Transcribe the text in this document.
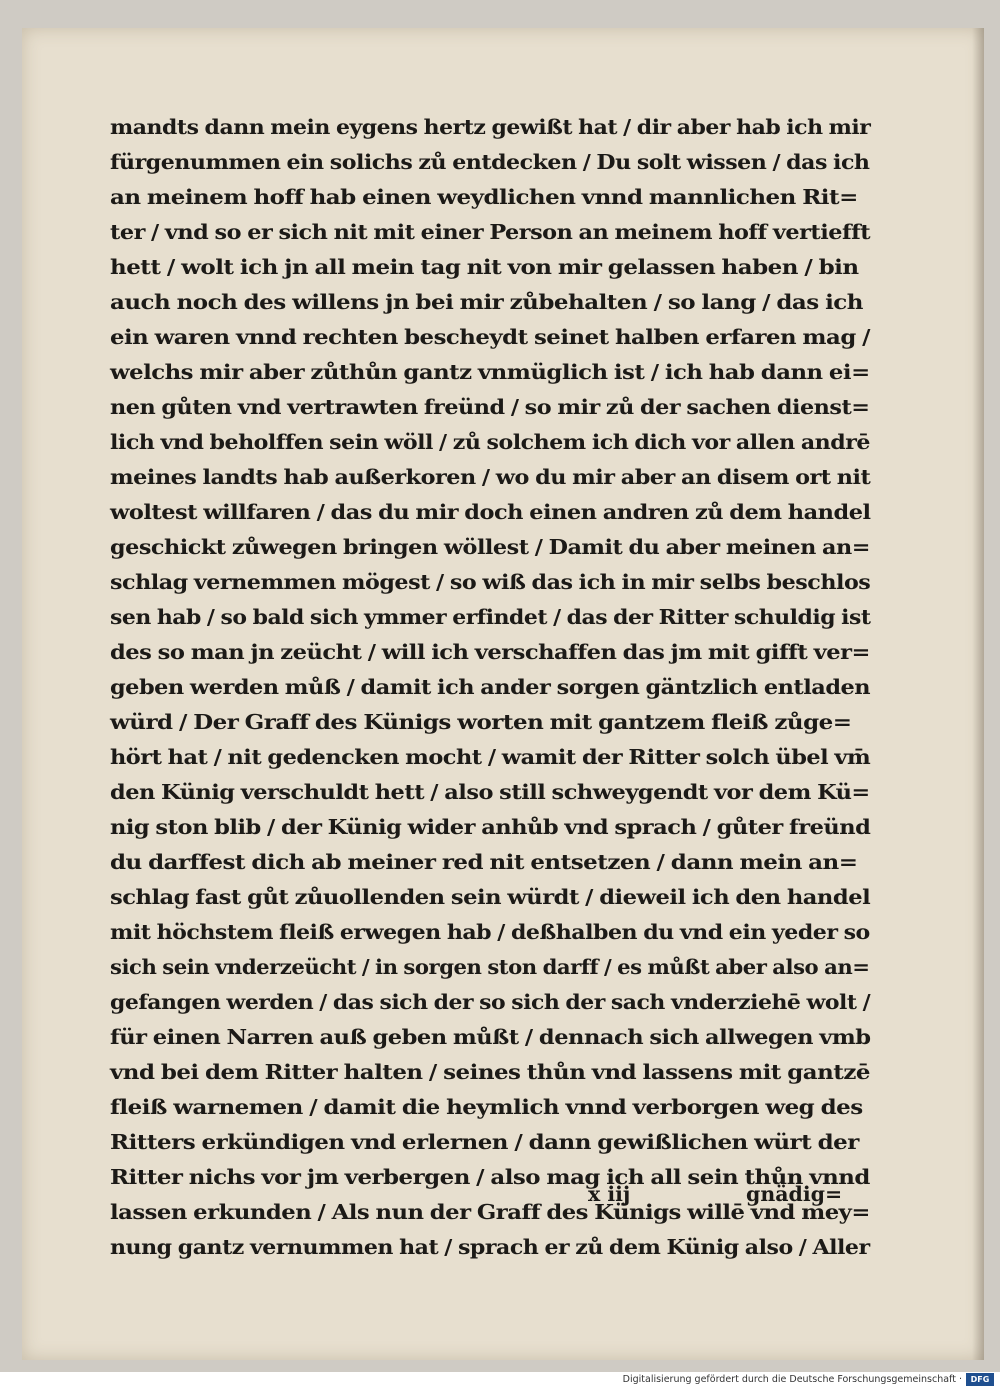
mandts dann mein eygens hertz gewißt hat / dir aber hab ich mir
fürgenummen ein solichs zů entdecken / Du solt wissen / das ich
an meinem hoff hab einen weydlichen vnnd mannlichen Rit=
ter / vnd so er sich nit mit einer Person an meinem hoff vertiefft
hett / wolt ich jn all mein tag nit von mir gelassen haben / bin
auch noch des willens jn bei mir zůbehalten / so lang / das ich
ein waren vnnd rechten bescheydt seinet halben erfaren mag /
welchs mir aber zůthůn gantz vnmüglich ist / ich hab dann ei=
nen gůten vnd vertrawten freünd / so mir zů der sachen dienst=
lich vnd beholffen sein wöll / zů solchem ich dich vor allen andrē
meines landts hab außerkoren / wo du mir aber an disem ort nit
woltest willfaren / das du mir doch einen andren zů dem handel
geschickt zůwegen bringen wöllest / Damit du aber meinen an=
schlag vernemmen mögest / so wiß das ich in mir selbs beschlos
sen hab / so bald sich ymmer erfindet / das der Ritter schuldig ist
des so man jn zeücht / will ich verschaffen das jm mit gifft ver=
geben werden můß / damit ich ander sorgen gäntzlich entladen
würd / Der Graff des Künigs worten mit gantzem fleiß zůge=
hört hat / nit gedencken mocht / wamit der Ritter solch übel vm̄
den Künig verschuldt hett / also still schweygendt vor dem Kü=
nig ston blib / der Künig wider anhůb vnd sprach / gůter freünd
du darffest dich ab meiner red nit entsetzen / dann mein an=
schlag fast gůt zůuollenden sein würdt / dieweil ich den handel
mit höchstem fleiß erwegen hab / deßhalben du vnd ein yeder so
sich sein vnderzeücht / in sorgen ston darff / es můßt aber also an=
gefangen werden / das sich der so sich der sach vnderziehē wolt /
für einen Narren auß geben můßt / dennach sich allwegen vmb
vnd bei dem Ritter halten / seines thůn vnd lassens mit gantzē
fleiß warnemen / damit die heymlich vnnd verborgen weg des
Ritters erkündigen vnd erlernen / dann gewißlichen würt der
Ritter nichs vor jm verbergen / also mag ich all sein thůn vnnd
lassen erkunden / Als nun der Graff des Künigs willē vnd mey=
nung gantz vernummen hat / sprach er zů dem Künig also / Aller
x iij	gnädig=
Digitalisierung gefördert durch die Deutsche Forschungsgemeinschaft ·	DFG
